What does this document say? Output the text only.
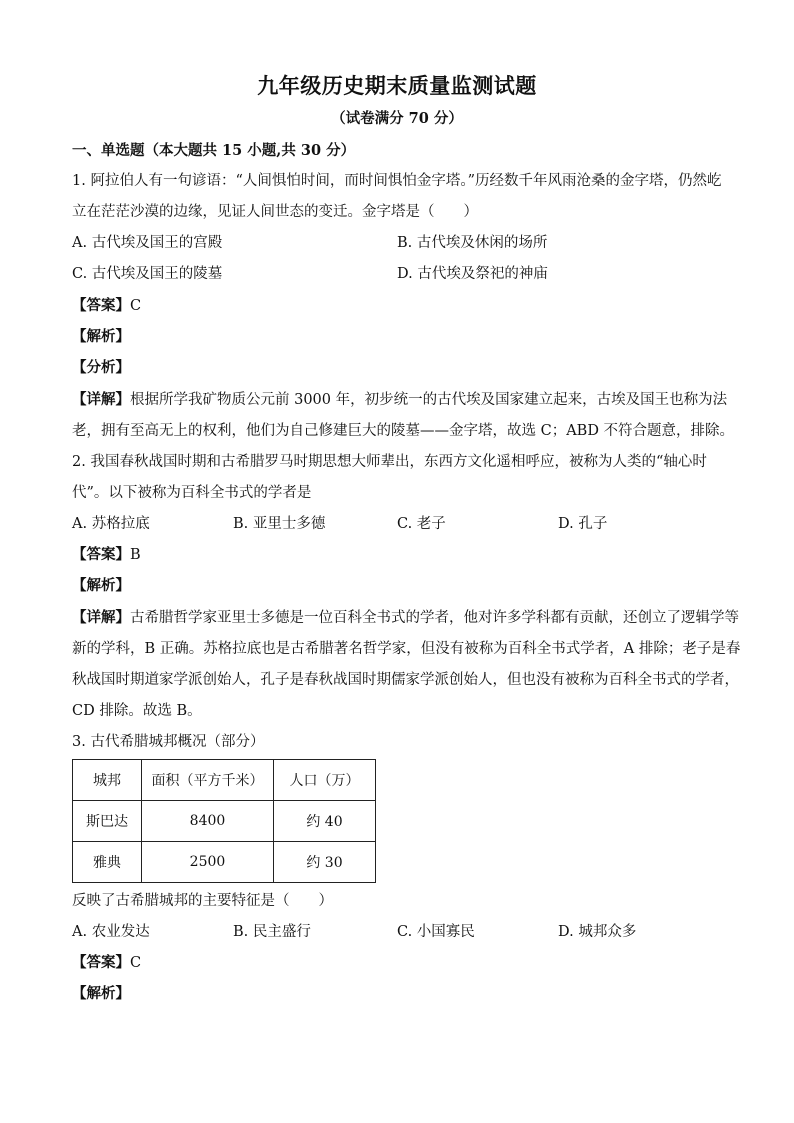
九年级历史期末质量监测试题
（试卷满分 70 分）
一、单选题（本大题共 15 小题,共 30 分）
1. 阿拉伯人有一句谚语：“人间惧怕时间，而时间惧怕金字塔。”历经数千年风雨沧桑的金字塔，仍然屹
立在茫茫沙漠的边缘，见证人间世态的变迁。金字塔是（　　）
A. 古代埃及国王的宫殿	B. 古代埃及休闲的场所
C. 古代埃及国王的陵墓	D. 古代埃及祭祀的神庙
【答案】C
【解析】
【分析】
【详解】根据所学我矿物质公元前 3000 年，初步统一的古代埃及国家建立起来，古埃及国王也称为法
老，拥有至高无上的权利，他们为自己修建巨大的陵墓——金字塔，故选 C；ABD 不符合题意，排除。
2. 我国春秋战国时期和古希腊罗马时期思想大师辈出，东西方文化遥相呼应，被称为人类的“轴心时
代”。以下被称为百科全书式的学者是
A. 苏格拉底	B. 亚里士多德	C. 老子	D. 孔子
【答案】B
【解析】
【详解】古希腊哲学家亚里士多德是一位百科全书式的学者，他对许多学科都有贡献，还创立了逻辑学等
新的学科，B 正确。苏格拉底也是古希腊著名哲学家，但没有被称为百科全书式学者，A 排除；老子是春
秋战国时期道家学派创始人，孔子是春秋战国时期儒家学派创始人，但也没有被称为百科全书式的学者，
CD 排除。故选 B。
3. 古代希腊城邦概况（部分）
城邦	面积（平方千米）	人口（万）
斯巴达	8400	约 40
雅典	2500	约 30
反映了古希腊城邦的主要特征是（　　）
A. 农业发达	B. 民主盛行	C. 小国寡民	D. 城邦众多
【答案】C
【解析】
